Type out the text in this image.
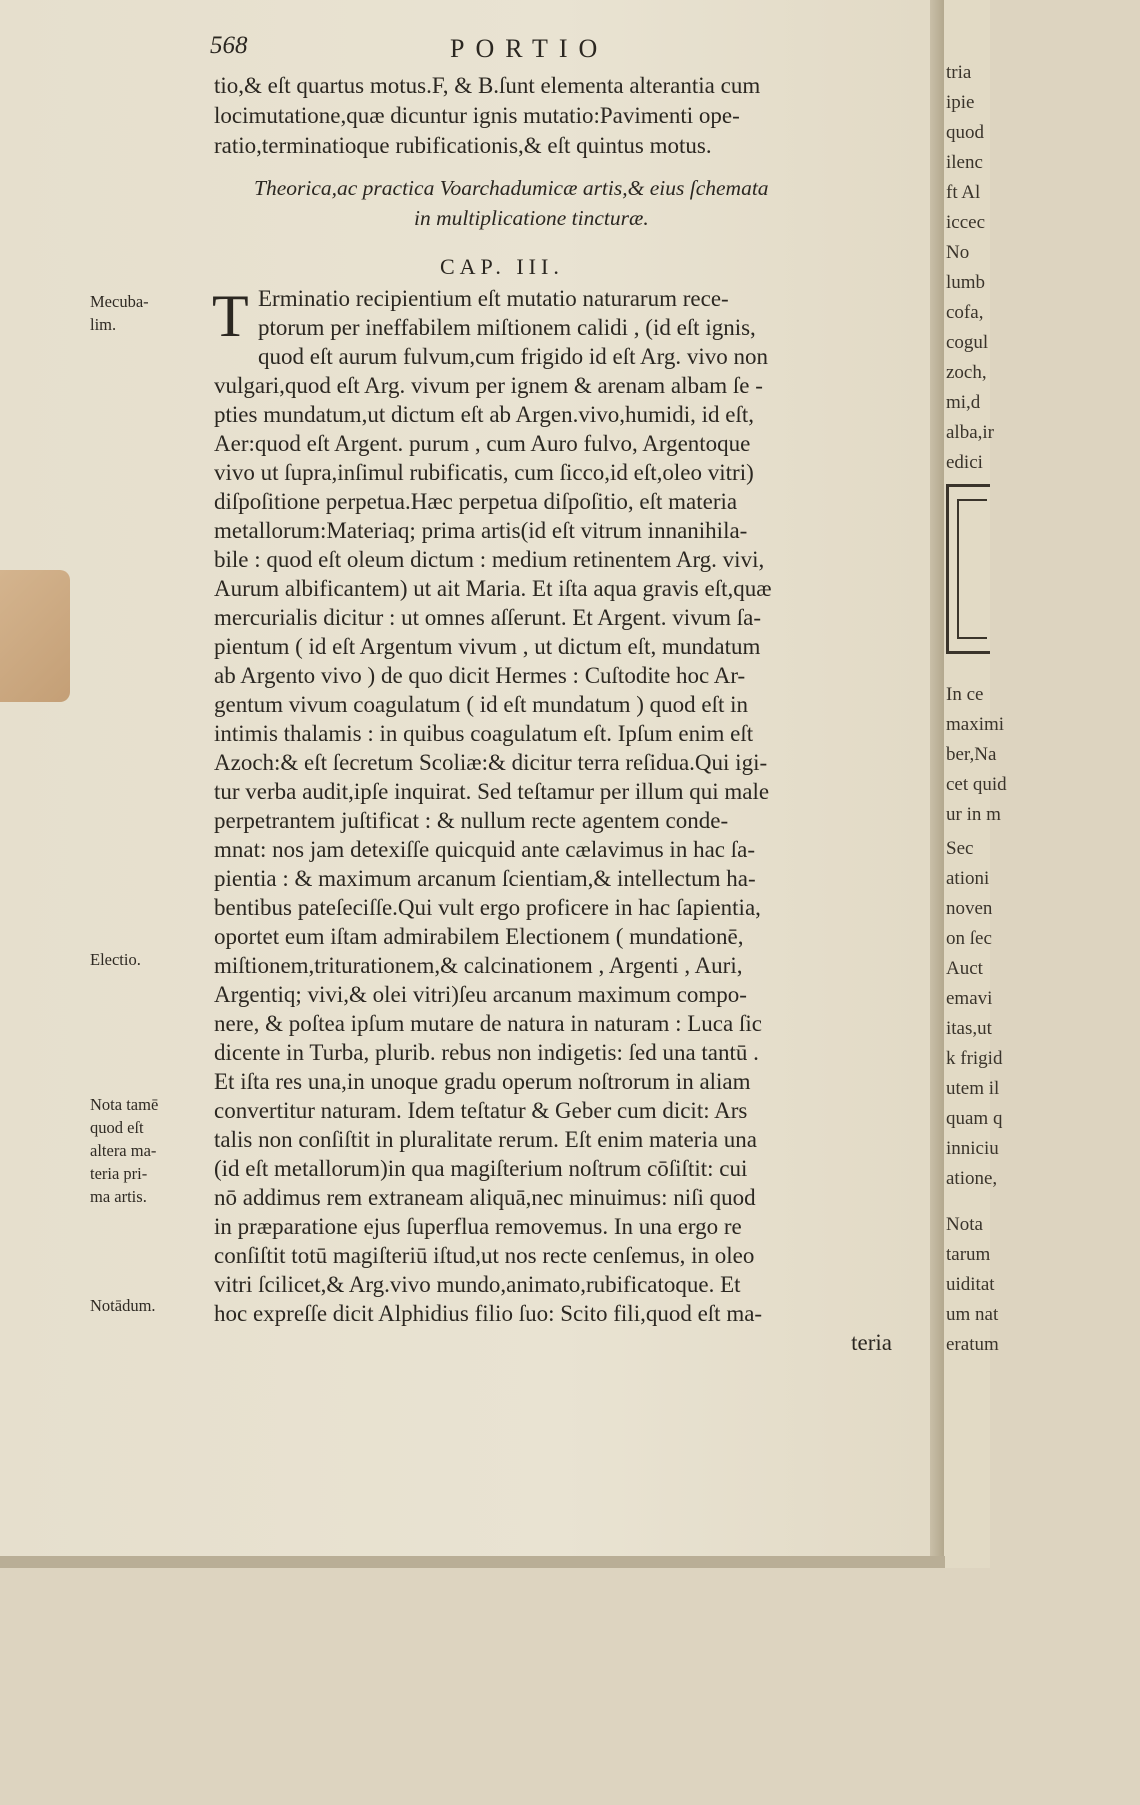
568	PORTIO
tio,& eſt quartus motus.F, & B.ſunt elementa alterantia cum
locimutatione,quæ dicuntur ignis mutatio:Pavimenti ope-
ratio,terminatioque rubificationis,& eſt quintus motus.
Theorica,ac practica Voarchadumicæ artis,& eius ſchemata
in multiplicatione tincturæ.
CAP. III.
T Erminatio recipientium eſt mutatio naturarum rece-
ptorum per ineffabilem miſtionem calidi , (id eſt ignis,
quod eſt aurum fulvum,cum frigido id eſt Arg. vivo non
vulgari,quod eſt Arg. vivum per ignem & arenam albam ſe -
pties mundatum,ut dictum eſt ab Argen.vivo,humidi, id eſt,
Aer:quod eſt Argent. purum , cum Auro fulvo, Argentoque
vivo ut ſupra,inſimul rubificatis, cum ſicco,id eſt,oleo vitri)
diſpoſitione perpetua.Hæc perpetua diſpoſitio, eſt materia
metallorum:Materiaq; prima artis(id eſt vitrum innanihila-
bile : quod eſt oleum dictum : medium retinentem Arg. vivi,
Aurum albificantem) ut ait Maria. Et iſta aqua gravis eſt,quæ
mercurialis dicitur : ut omnes aſſerunt. Et Argent. vivum ſa-
pientum ( id eſt Argentum vivum , ut dictum eſt, mundatum
ab Argento vivo ) de quo dicit Hermes : Cuſtodite hoc Ar-
gentum vivum coagulatum ( id eſt mundatum ) quod eſt in
intimis thalamis : in quibus coagulatum eſt. Ipſum enim eſt
Azoch:& eſt ſecretum Scoliæ:& dicitur terra reſidua.Qui igi-
tur verba audit,ipſe inquirat. Sed teſtamur per illum qui male
perpetrantem juſtificat : & nullum recte agentem conde-
mnat: nos jam detexiſſe quicquid ante cælavimus in hac ſa-
pientia : & maximum arcanum ſcientiam,& intellectum ha-
bentibus pateſeciſſe.Qui vult ergo proficere in hac ſapientia,
oportet eum iſtam admirabilem Electionem ( mundationē,
miſtionem,triturationem,& calcinationem , Argenti , Auri,
Argentiq; vivi,& olei vitri)ſeu arcanum maximum compo-
nere, & poſtea ipſum mutare de natura in naturam : Luca ſic
dicente in Turba, plurib. rebus non indigetis: ſed una tantū .
Et iſta res una,in unoque gradu operum noſtrorum in aliam
convertitur naturam. Idem teſtatur & Geber cum dicit: Ars
talis non conſiſtit in pluralitate rerum. Eſt enim materia una
(id eſt metallorum)in qua magiſterium noſtrum cōſiſtit: cui
nō addimus rem extraneam aliquā,nec minuimus: niſi quod
in præparatione ejus ſuperflua removemus. In una ergo re
conſiſtit totū magiſteriū iſtud,ut nos recte cenſemus, in oleo
vitri ſcilicet,& Arg.vivo mundo,animato,rubificatoque. Et
hoc expreſſe dicit Alphidius filio ſuo: Scito fili,quod eſt ma-
teria
Mecuba-
lim.
Electio.
Nota tamē
quod eſt
altera ma-
teria pri-
ma artis.
Notādum.
tria
ipie
quod
ilenc
ft Al
iccec
No
lumb
cofa,
cogul
zoch,
mi,d
alba,ir
edici
In ce
maximi
ber,Na
cet quid
ur in m
Sec
ationi
noven
on ſec
Auct
emavi
itas,ut
k frigid
utem il
quam q
inniciu
atione,
Nota
tarum
uiditat
um nat
eratum
